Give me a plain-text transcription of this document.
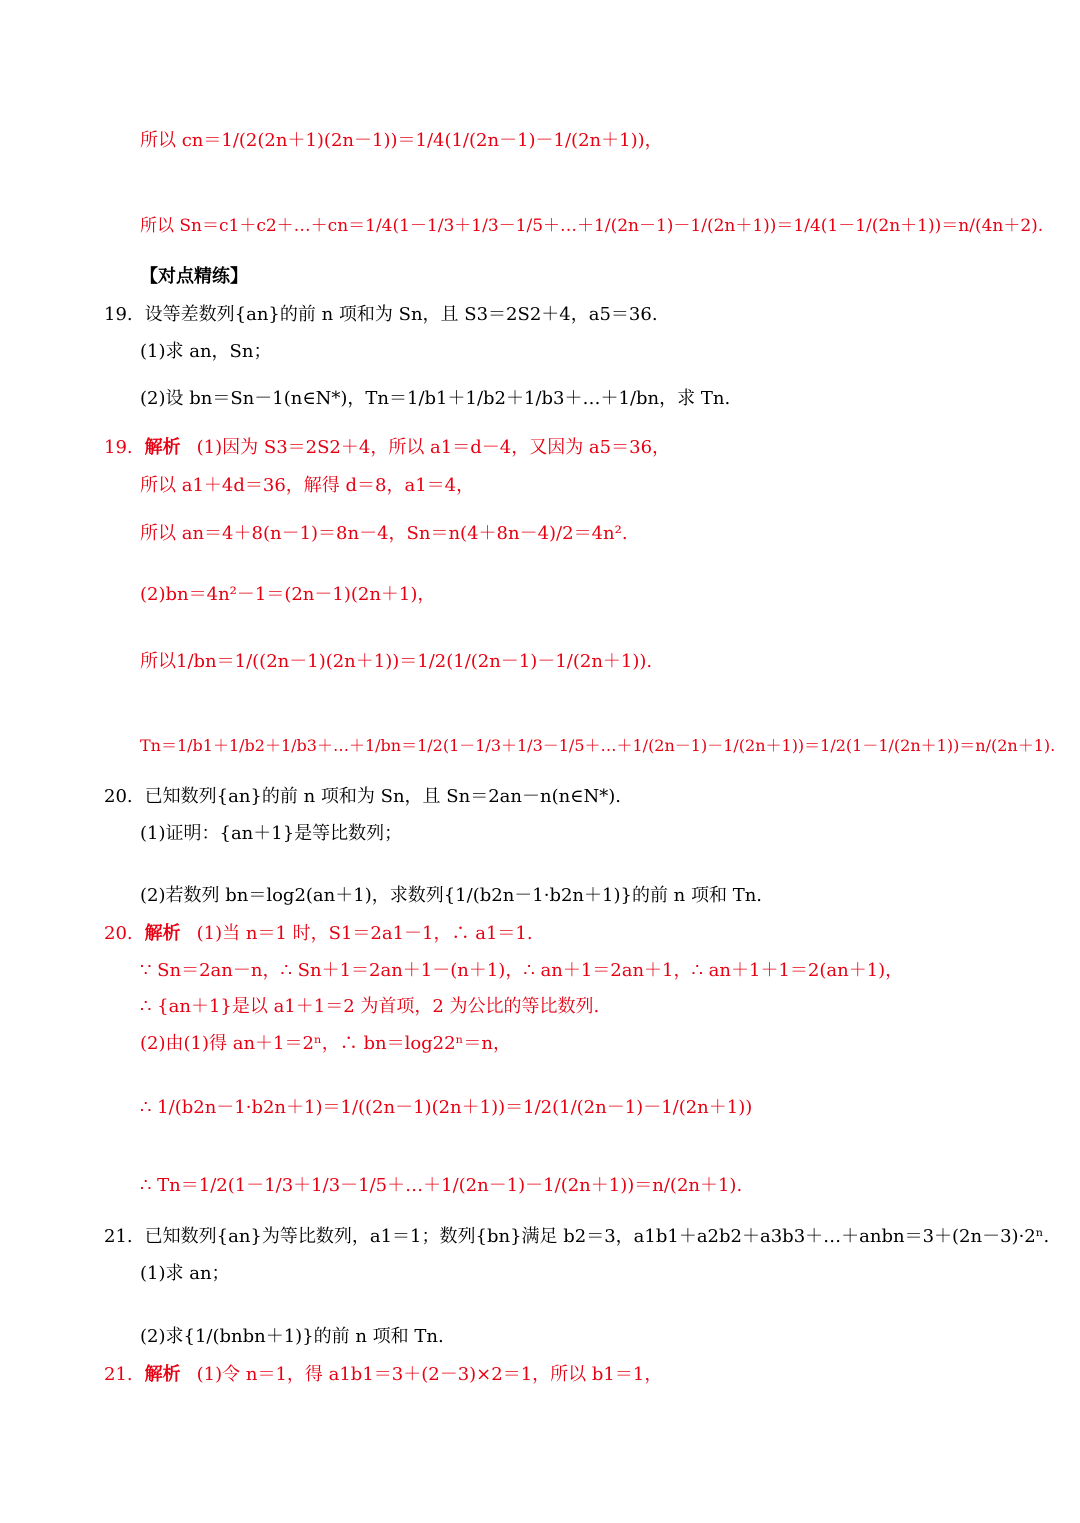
所以 cn＝1/(2(2n＋1)(2n－1))＝1/4(1/(2n－1)－1/(2n＋1))，
所以 Sn＝c1＋c2＋…＋cn＝1/4(1－1/3＋1/3－1/5＋…＋1/(2n－1)－1/(2n＋1))＝1/4(1－1/(2n＋1))＝n/(4n＋2).
【对点精练】
19. 设等差数列{an}的前 n 项和为 Sn，且 S3＝2S2＋4，a5＝36.
(1)求 an，Sn；
(2)设 bn＝Sn－1(n∈N*)，Tn＝1/b1＋1/b2＋1/b3＋…＋1/bn，求 Tn.
19. 解析 (1)因为 S3＝2S2＋4，所以 a1＝d－4，又因为 a5＝36，
所以 a1＋4d＝36，解得 d＝8，a1＝4，
所以 an＝4＋8(n－1)＝8n－4，Sn＝n(4＋8n－4)/2＝4n².
(2)bn＝4n²－1＝(2n－1)(2n＋1)，
所以1/bn＝1/((2n－1)(2n＋1))＝1/2(1/(2n－1)－1/(2n＋1)).
Tn＝1/b1＋1/b2＋1/b3＋…＋1/bn＝1/2(1－1/3＋1/3－1/5＋…＋1/(2n－1)－1/(2n＋1))＝1/2(1－1/(2n＋1))＝n/(2n＋1).
20. 已知数列{an}的前 n 项和为 Sn，且 Sn＝2an－n(n∈N*).
(1)证明：{an＋1}是等比数列；
(2)若数列 bn＝log2(an＋1)，求数列{1/(b2n－1·b2n＋1)}的前 n 项和 Tn.
20. 解析 (1)当 n＝1 时，S1＝2a1－1，∴ a1＝1.
∵ Sn＝2an－n，∴ Sn＋1＝2an＋1－(n＋1)，∴ an＋1＝2an＋1，∴ an＋1＋1＝2(an＋1)，
∴ {an＋1}是以 a1＋1＝2 为首项，2 为公比的等比数列.
(2)由(1)得 an＋1＝2ⁿ，∴ bn＝log22ⁿ＝n，
∴ 1/(b2n－1·b2n＋1)＝1/((2n－1)(2n＋1))＝1/2(1/(2n－1)－1/(2n＋1))
∴ Tn＝1/2(1－1/3＋1/3－1/5＋…＋1/(2n－1)－1/(2n＋1))＝n/(2n＋1).
21. 已知数列{an}为等比数列，a1＝1；数列{bn}满足 b2＝3，a1b1＋a2b2＋a3b3＋…＋anbn＝3＋(2n－3)·2ⁿ.
(1)求 an；
(2)求{1/(bnbn＋1)}的前 n 项和 Tn.
21. 解析 (1)令 n＝1，得 a1b1＝3＋(2－3)×2＝1，所以 b1＝1，
